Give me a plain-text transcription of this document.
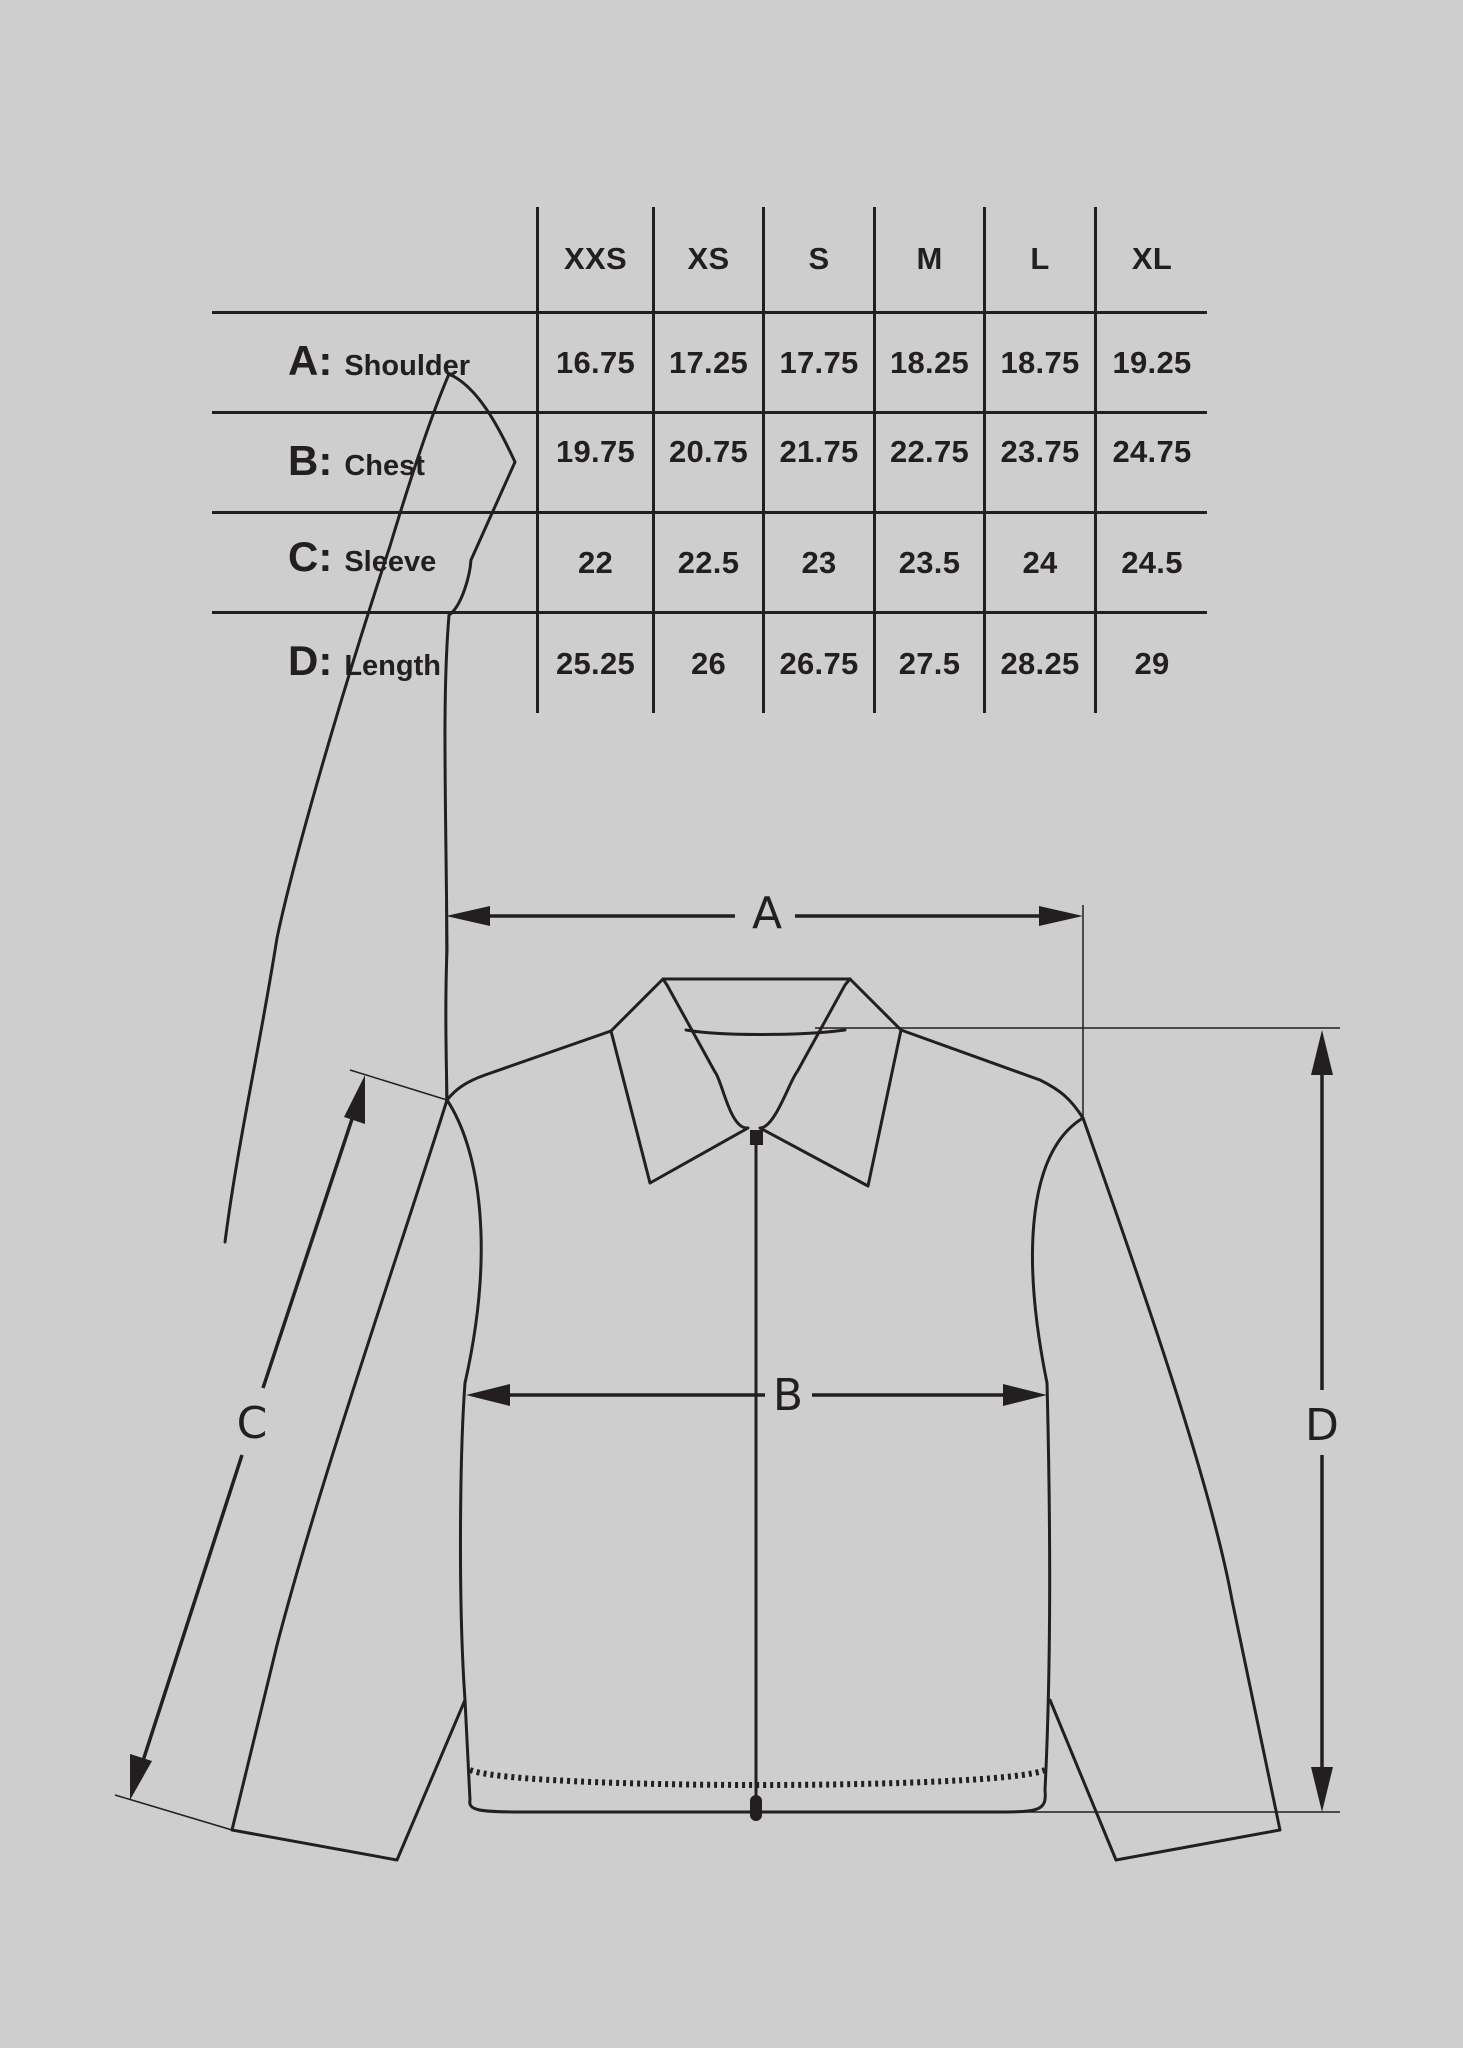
XXS	XS	S	M	L	XL
A: Shoulder	16.75	17.25	17.75	18.25	18.75	19.25
B: Chest	19.75	20.75	21.75	22.75	23.75	24.75
C: Sleeve	22	22.5	23	23.5	24	24.5
D: Length	25.25	26	26.75	27.5	28.25	29
A
B
C	D
